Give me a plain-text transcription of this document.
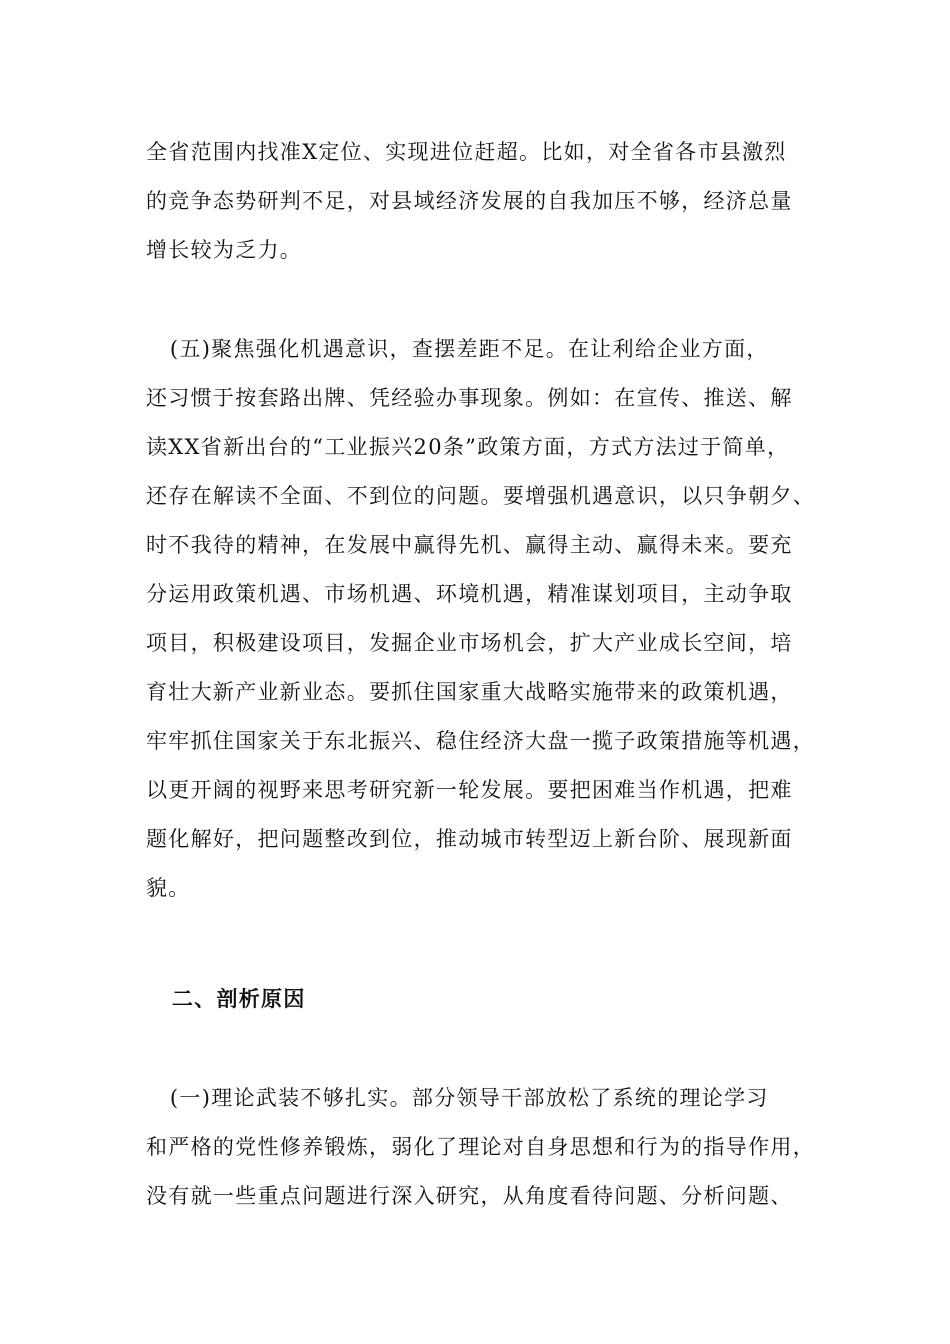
全省范围内找准X定位、实现进位赶超。比如，对全省各市县激烈
的竞争态势研判不足，对县域经济发展的自我加压不够，经济总量
增长较为乏力。
(五)聚焦强化机遇意识，查摆差距不足。在让利给企业方面，
还习惯于按套路出牌、凭经验办事现象。例如：在宣传、推送、解
读XX省新出台的“工业振兴20条”政策方面，方式方法过于简单，
还存在解读不全面、不到位的问题。要增强机遇意识，以只争朝夕、
时不我待的精神，在发展中赢得先机、赢得主动、赢得未来。要充
分运用政策机遇、市场机遇、环境机遇，精准谋划项目，主动争取
项目，积极建设项目，发掘企业市场机会，扩大产业成长空间，培
育壮大新产业新业态。要抓住国家重大战略实施带来的政策机遇，
牢牢抓住国家关于东北振兴、稳住经济大盘一揽子政策措施等机遇，
以更开阔的视野来思考研究新一轮发展。要把困难当作机遇，把难
题化解好，把问题整改到位，推动城市转型迈上新台阶、展现新面
貌。
二、剖析原因
(一)理论武装不够扎实。部分领导干部放松了系统的理论学习
和严格的党性修养锻炼，弱化了理论对自身思想和行为的指导作用，
没有就一些重点问题进行深入研究，从角度看待问题、分析问题、
